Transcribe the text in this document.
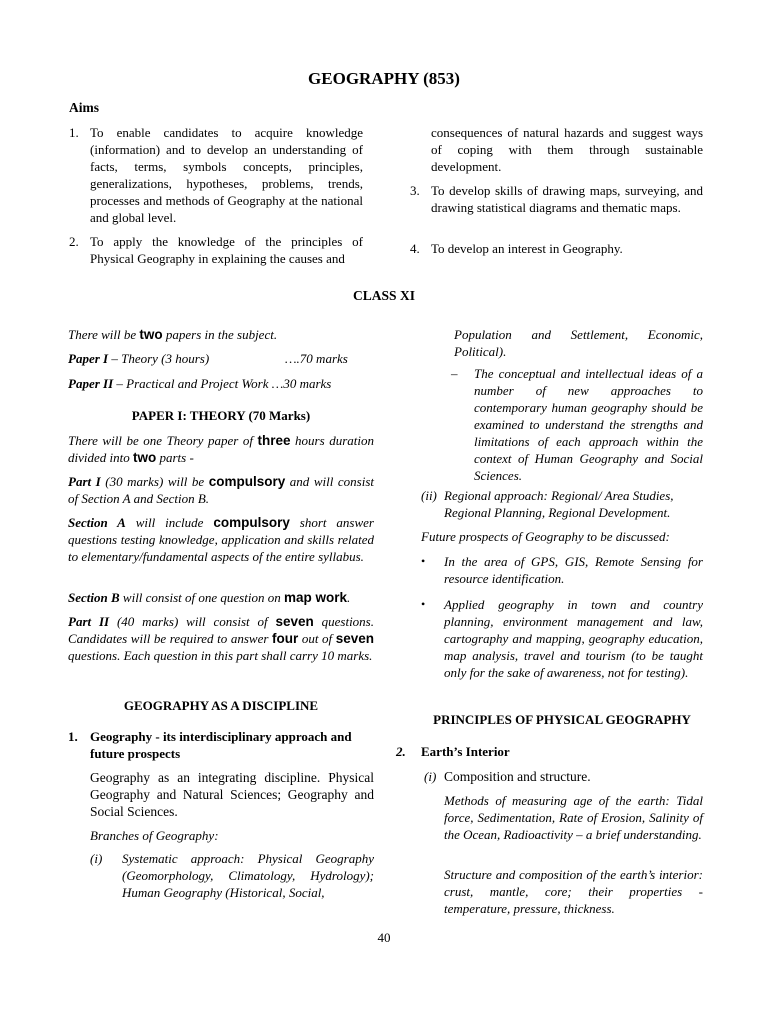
GEOGRAPHY (853)
Aims
1. To enable candidates to acquire knowledge (information) and to develop an understanding of facts, terms, symbols concepts, principles, generalizations, hypotheses, problems, trends, processes and methods of Geography at the national and global level.

2. To apply the knowledge of the principles of Physical Geography in explaining the causes and

consequences of natural hazards and suggest ways of coping with them through sustainable development.

3. To develop skills of drawing maps, surveying, and drawing statistical diagrams and thematic maps.

4. To develop an interest in Geography.

CLASS XI

There will be two papers in the subject.

Paper I – Theory (3 hours)	….70 marks

Paper II – Practical and Project Work …30 marks

PAPER I: THEORY (70 Marks)

There will be one Theory paper of three hours duration divided into two parts -

Part I (30 marks) will be compulsory and will consist of Section A and Section B.

Section A will include compulsory short answer questions testing knowledge, application and skills related to elementary/fundamental aspects of the entire syllabus.

Section B will consist of one question on map work.

Part II (40 marks) will consist of seven questions. Candidates will be required to answer four out of seven questions. Each question in this part shall carry 10 marks.

GEOGRAPHY AS A DISCIPLINE
1. Geography - its interdisciplinary approach and future prospects

Geography as an integrating discipline. Physical Geography and Natural Sciences; Geography and Social Sciences.

Branches of Geography:

(i) Systematic approach: Physical Geography (Geomorphology, Climatology, Hydrology); Human Geography (Historical, Social,

Population and Settlement, Economic, Political).

– The conceptual and intellectual ideas of a number of new approaches to contemporary human geography should be examined to understand the strengths and limitations of each approach within the context of Human Geography and Social Sciences.

(ii) Regional approach: Regional/ Area Studies, Regional Planning, Regional Development.

Future prospects of Geography to be discussed:

• In the area of GPS, GIS, Remote Sensing for resource identification.

• Applied geography in town and country planning, environment management and law, cartography and mapping, geography education, map analysis, travel and tourism (to be taught only for the sake of awareness, not for testing).

PRINCIPLES OF PHYSICAL GEOGRAPHY
2. Earth’s Interior

(i) Composition and structure.

Methods of measuring age of the earth: Tidal force, Sedimentation, Rate of Erosion, Salinity of the Ocean, Radioactivity – a brief understanding.

Structure and composition of the earth’s interior: crust, mantle, core; their properties - temperature, pressure, thickness.

40
